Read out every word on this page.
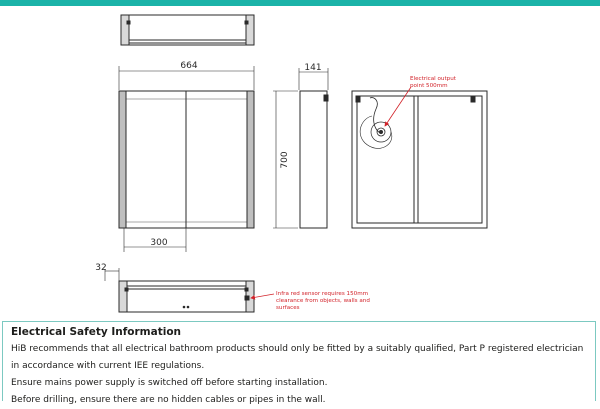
664	141
700
300
32
Electrical output
point 500mm
Infra red sensor requires 150mm
clearance from objects, walls and
surfaces
Electrical Safety Information
HiB recommends that all electrical bathroom products should only be fitted by a suitably qualified, Part P registered electrician
in accordance with current IEE regulations.
Ensure mains power supply is switched off before starting installation.
Before drilling, ensure there are no hidden cables or pipes in the wall.
